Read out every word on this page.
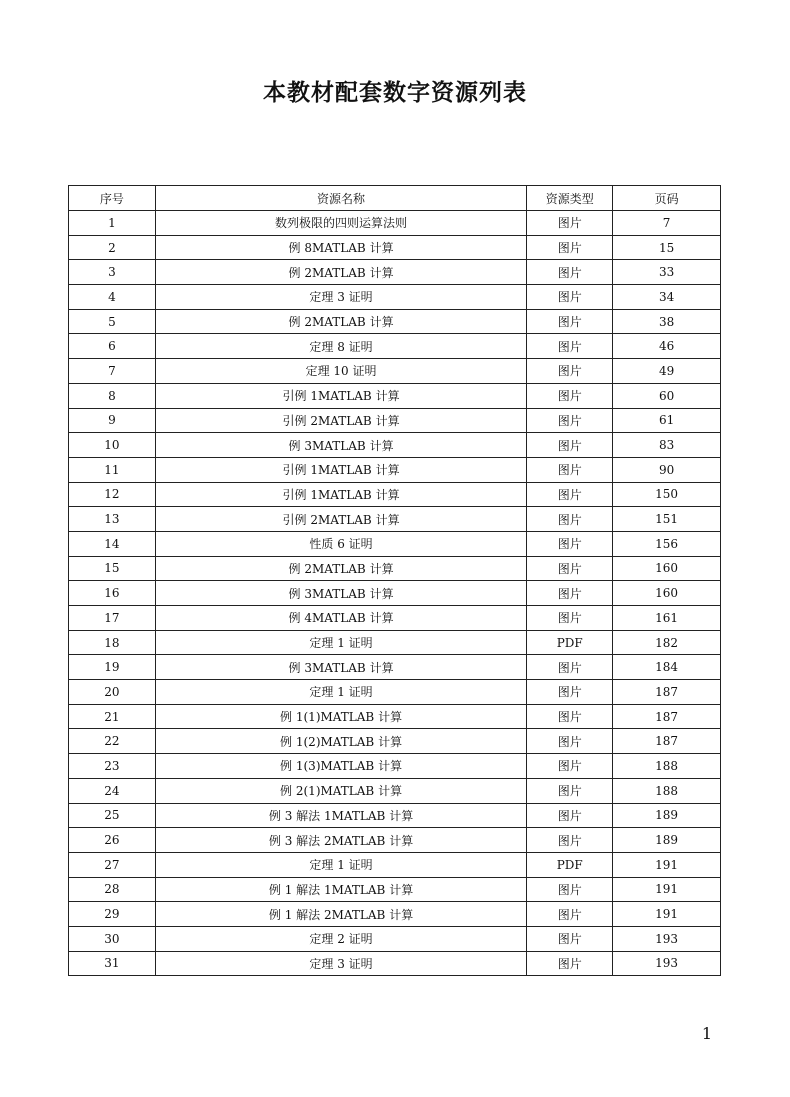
本教材配套数字资源列表
序号	资源名称	资源类型	页码
1	数列极限的四则运算法则	图片	7
2	例 8MATLAB 计算	图片	15
3	例 2MATLAB 计算	图片	33
4	定理 3 证明	图片	34
5	例 2MATLAB 计算	图片	38
6	定理 8 证明	图片	46
7	定理 10 证明	图片	49
8	引例 1MATLAB 计算	图片	60
9	引例 2MATLAB 计算	图片	61
10	例 3MATLAB 计算	图片	83
11	引例 1MATLAB 计算	图片	90
12	引例 1MATLAB 计算	图片	150
13	引例 2MATLAB 计算	图片	151
14	性质 6 证明	图片	156
15	例 2MATLAB 计算	图片	160
16	例 3MATLAB 计算	图片	160
17	例 4MATLAB 计算	图片	161
18	定理 1 证明	PDF	182
19	例 3MATLAB 计算	图片	184
20	定理 1 证明	图片	187
21	例 1(1)MATLAB 计算	图片	187
22	例 1(2)MATLAB 计算	图片	187
23	例 1(3)MATLAB 计算	图片	188
24	例 2(1)MATLAB 计算	图片	188
25	例 3 解法 1MATLAB 计算	图片	189
26	例 3 解法 2MATLAB 计算	图片	189
27	定理 1 证明	PDF	191
28	例 1 解法 1MATLAB 计算	图片	191
29	例 1 解法 2MATLAB 计算	图片	191
30	定理 2 证明	图片	193
31	定理 3 证明	图片	193
1
